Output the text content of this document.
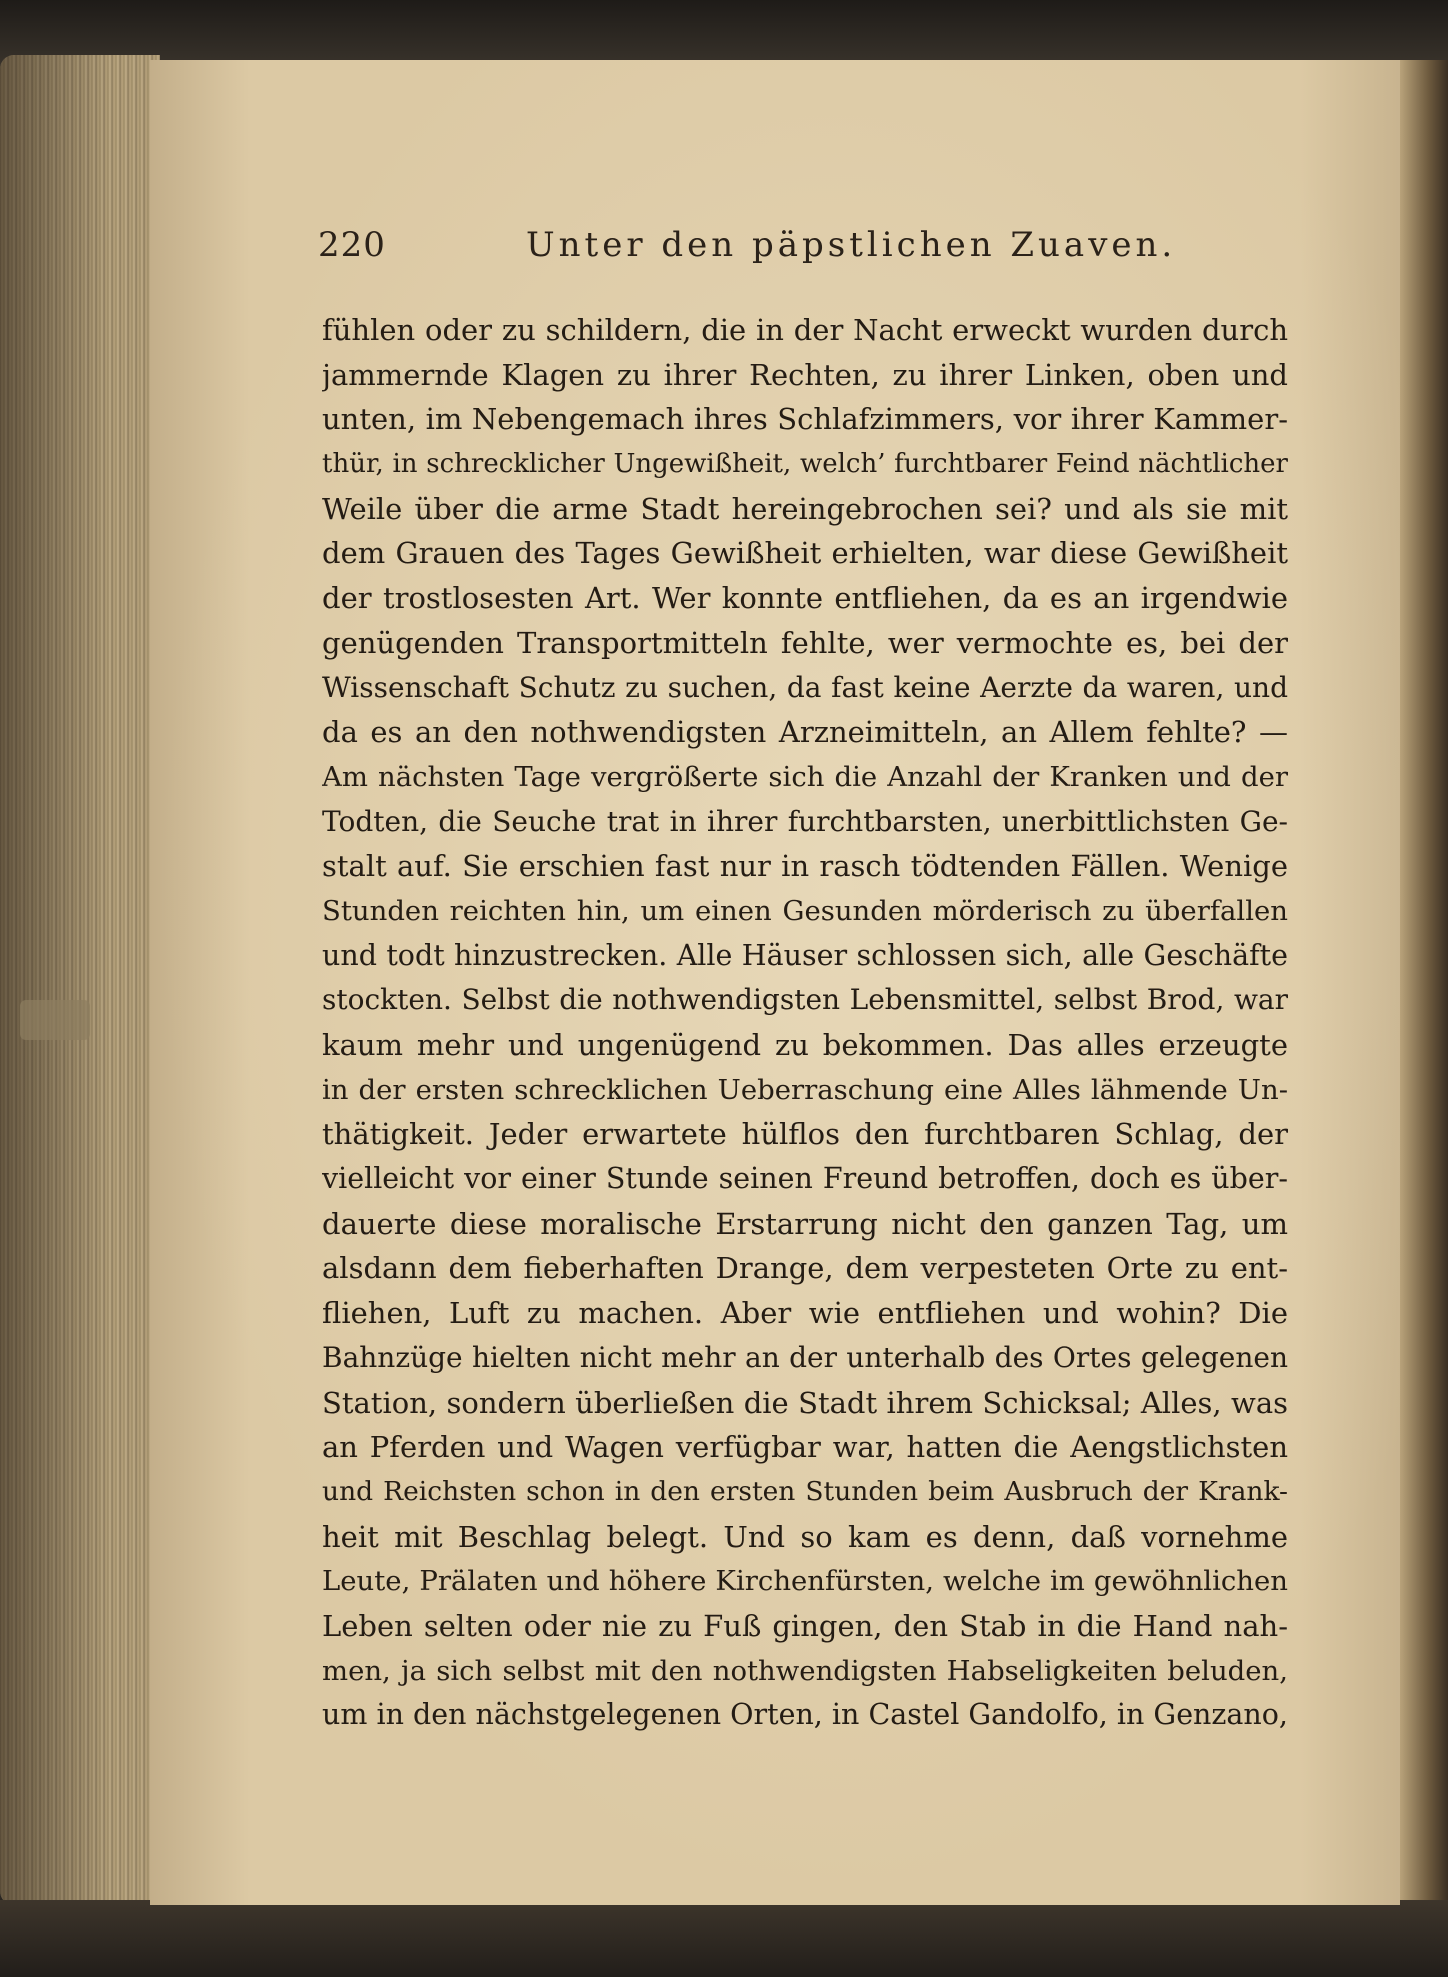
220	Unter den päpstlichen Zuaven.
fühlen oder zu schildern, die in der Nacht erweckt wurden durch
jammernde Klagen zu ihrer Rechten, zu ihrer Linken, oben und
unten, im Nebengemach ihres Schlafzimmers, vor ihrer Kammer-
thür, in schrecklicher Ungewißheit, welch’ furchtbarer Feind nächtlicher
Weile über die arme Stadt hereingebrochen sei? und als sie mit
dem Grauen des Tages Gewißheit erhielten, war diese Gewißheit
der trostlosesten Art. Wer konnte entfliehen, da es an irgendwie
genügenden Transportmitteln fehlte, wer vermochte es, bei der
Wissenschaft Schutz zu suchen, da fast keine Aerzte da waren, und
da es an den nothwendigsten Arzneimitteln, an Allem fehlte? —
Am nächsten Tage vergrößerte sich die Anzahl der Kranken und der
Todten, die Seuche trat in ihrer furchtbarsten, unerbittlichsten Ge-
stalt auf. Sie erschien fast nur in rasch tödtenden Fällen. Wenige
Stunden reichten hin, um einen Gesunden mörderisch zu überfallen
und todt hinzustrecken. Alle Häuser schlossen sich, alle Geschäfte
stockten. Selbst die nothwendigsten Lebensmittel, selbst Brod, war
kaum mehr und ungenügend zu bekommen. Das alles erzeugte
in der ersten schrecklichen Ueberraschung eine Alles lähmende Un-
thätigkeit. Jeder erwartete hülflos den furchtbaren Schlag, der
vielleicht vor einer Stunde seinen Freund betroffen, doch es über-
dauerte diese moralische Erstarrung nicht den ganzen Tag, um
alsdann dem fieberhaften Drange, dem verpesteten Orte zu ent-
fliehen, Luft zu machen. Aber wie entfliehen und wohin? Die
Bahnzüge hielten nicht mehr an der unterhalb des Ortes gelegenen
Station, sondern überließen die Stadt ihrem Schicksal; Alles, was
an Pferden und Wagen verfügbar war, hatten die Aengstlichsten
und Reichsten schon in den ersten Stunden beim Ausbruch der Krank-
heit mit Beschlag belegt. Und so kam es denn, daß vornehme
Leute, Prälaten und höhere Kirchenfürsten, welche im gewöhnlichen
Leben selten oder nie zu Fuß gingen, den Stab in die Hand nah-
men, ja sich selbst mit den nothwendigsten Habseligkeiten beluden,
um in den nächstgelegenen Orten, in Castel Gandolfo, in Genzano,
